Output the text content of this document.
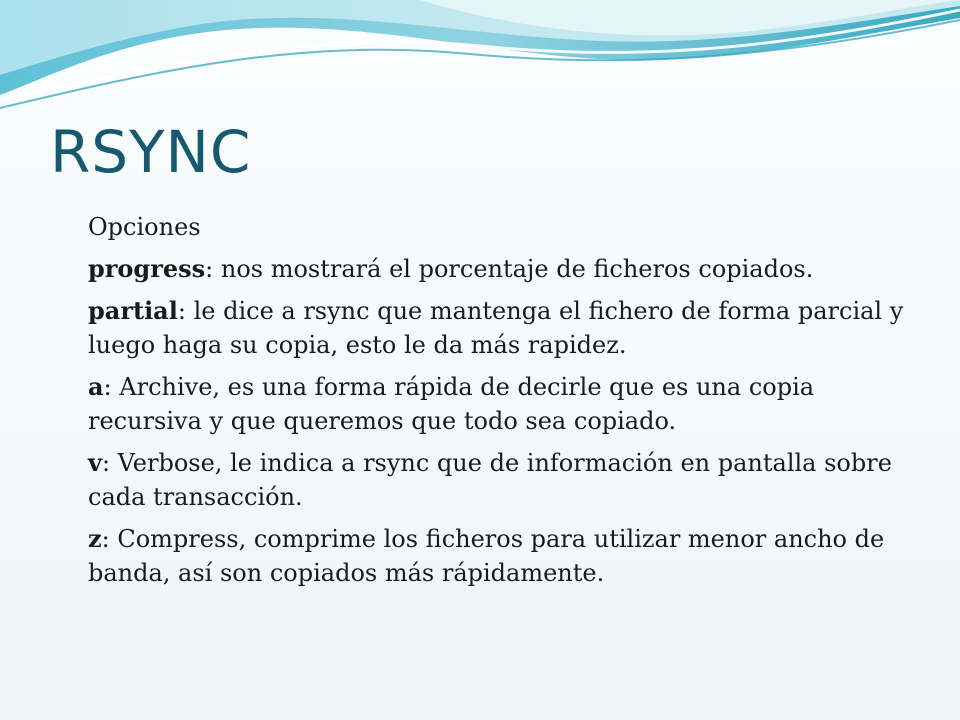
RSYNC

Opciones

progress: nos mostrará el porcentaje de ficheros copiados.

partial: le dice a rsync que mantenga el fichero de forma parcial y luego haga su copia, esto le da más rapidez.

a: Archive, es una forma rápida de decirle que es una copia recursiva y que queremos que todo sea copiado.

v: Verbose, le indica a rsync que de información en pantalla sobre cada transacción.

z: Compress, comprime los ficheros para utilizar menor ancho de banda, así son copiados más rápidamente.
